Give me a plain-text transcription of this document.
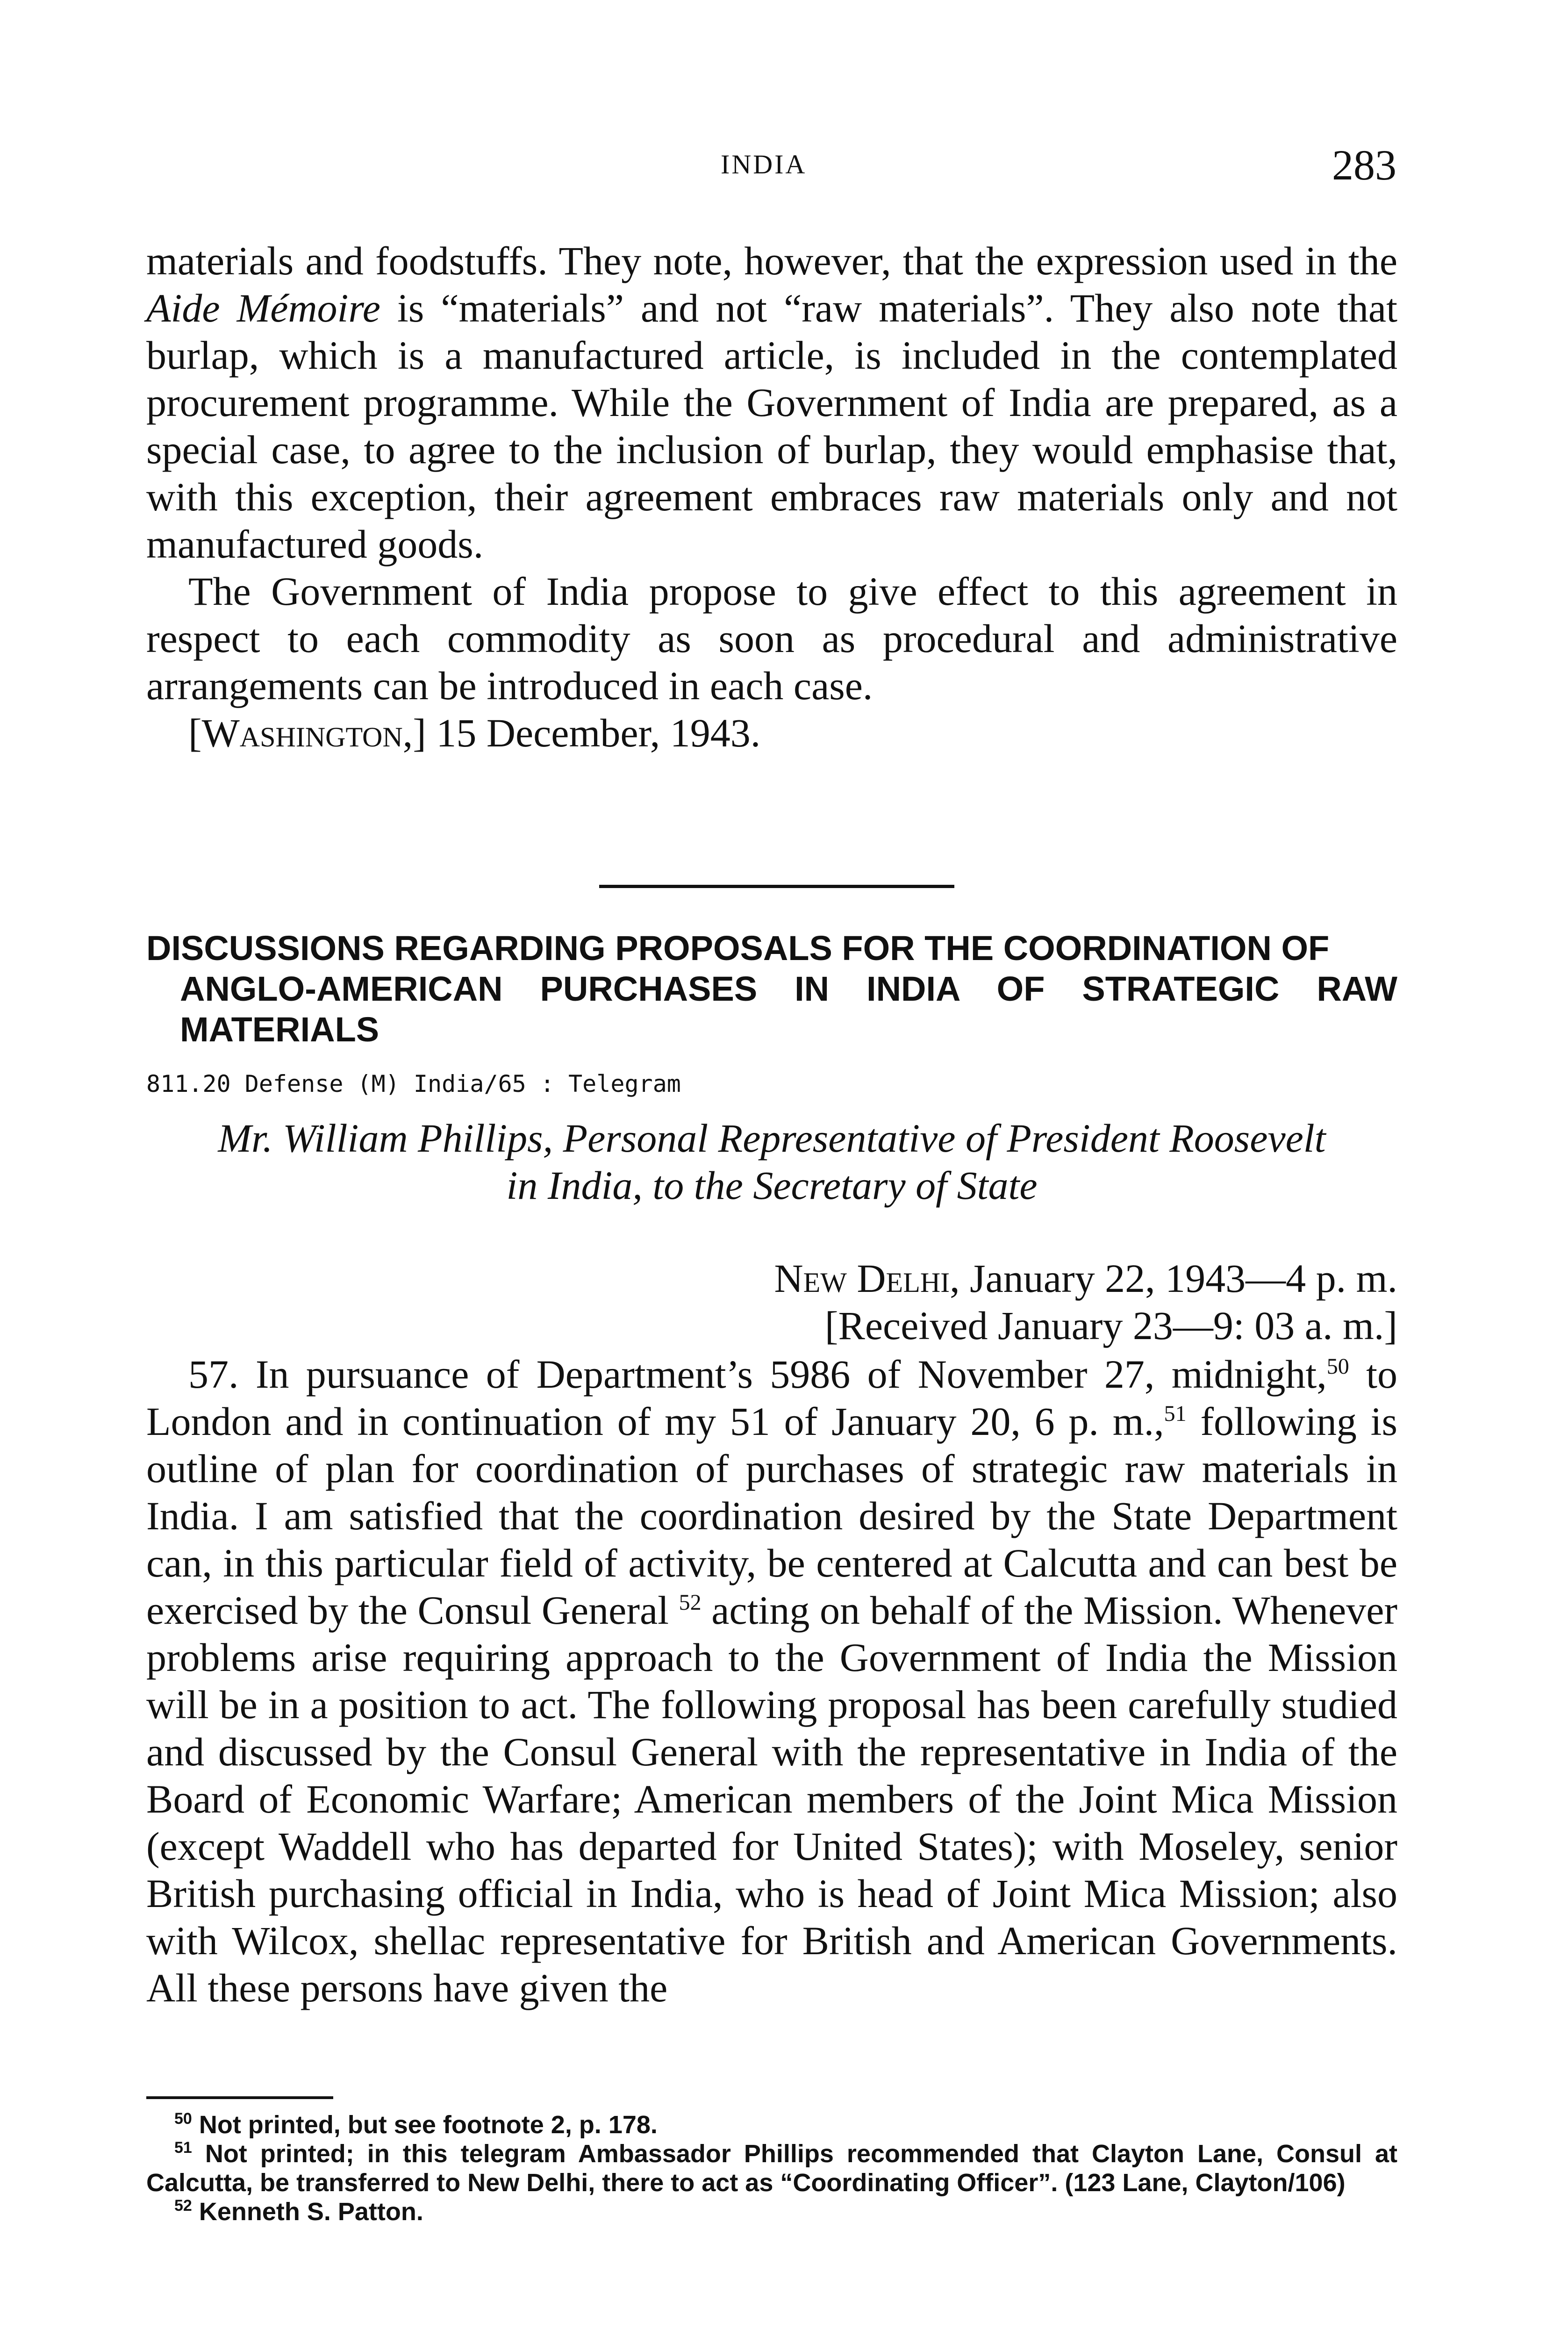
INDIA	283

materials and foodstuffs. They note, however, that the expression used in the Aide Mémoire is “materials” and not “raw materials”. They also note that burlap, which is a manufactured article, is included in the contemplated procurement programme. While the Government of India are prepared, as a special case, to agree to the inclusion of burlap, they would emphasise that, with this exception, their agreement embraces raw materials only and not manufactured goods.

The Government of India propose to give effect to this agreement in respect to each commodity as soon as procedural and administrative arrangements can be introduced in each case.

[Washington,] 15 December, 1943.

DISCUSSIONS REGARDING PROPOSALS FOR THE COORDINATION OF
ANGLO-AMERICAN PURCHASES IN INDIA OF STRATEGIC RAW MATERIALS

811.20 Defense (M) India/65 : Telegram

Mr. William Phillips, Personal Representative of President Roosevelt

in India, to the Secretary of State

New Delhi, January 22, 1943—4 p. m.

[Received January 23—9: 03 a. m.]

57. In pursuance of Department’s 5986 of November 27, midnight,$^{50}$ to London and in continuation of my 51 of January 20, 6 p. m.,$^{51}$ following is outline of plan for coordination of purchases of strategic raw materials in India. I am satisfied that the coordination desired by the State Department can, in this particular field of activity, be centered at Calcutta and can best be exercised by the Consul General $^{52}$ acting on behalf of the Mission. Whenever problems arise requiring approach to the Government of India the Mission will be in a position to act. The following proposal has been carefully studied and discussed by the Consul General with the representative in India of the Board of Economic Warfare; American members of the Joint Mica Mission (except Waddell who has departed for United States); with Moseley, senior British purchasing official in India, who is head of Joint Mica Mission; also with Wilcox, shellac representative for British and American Governments. All these persons have given the

$^{50}$ Not printed, but see footnote 2, p. 178.

$^{51}$ Not printed; in this telegram Ambassador Phillips recommended that Clayton Lane, Consul at Calcutta, be transferred to New Delhi, there to act as “Coordinating Officer”. (123 Lane, Clayton/106)

$^{52}$ Kenneth S. Patton.
